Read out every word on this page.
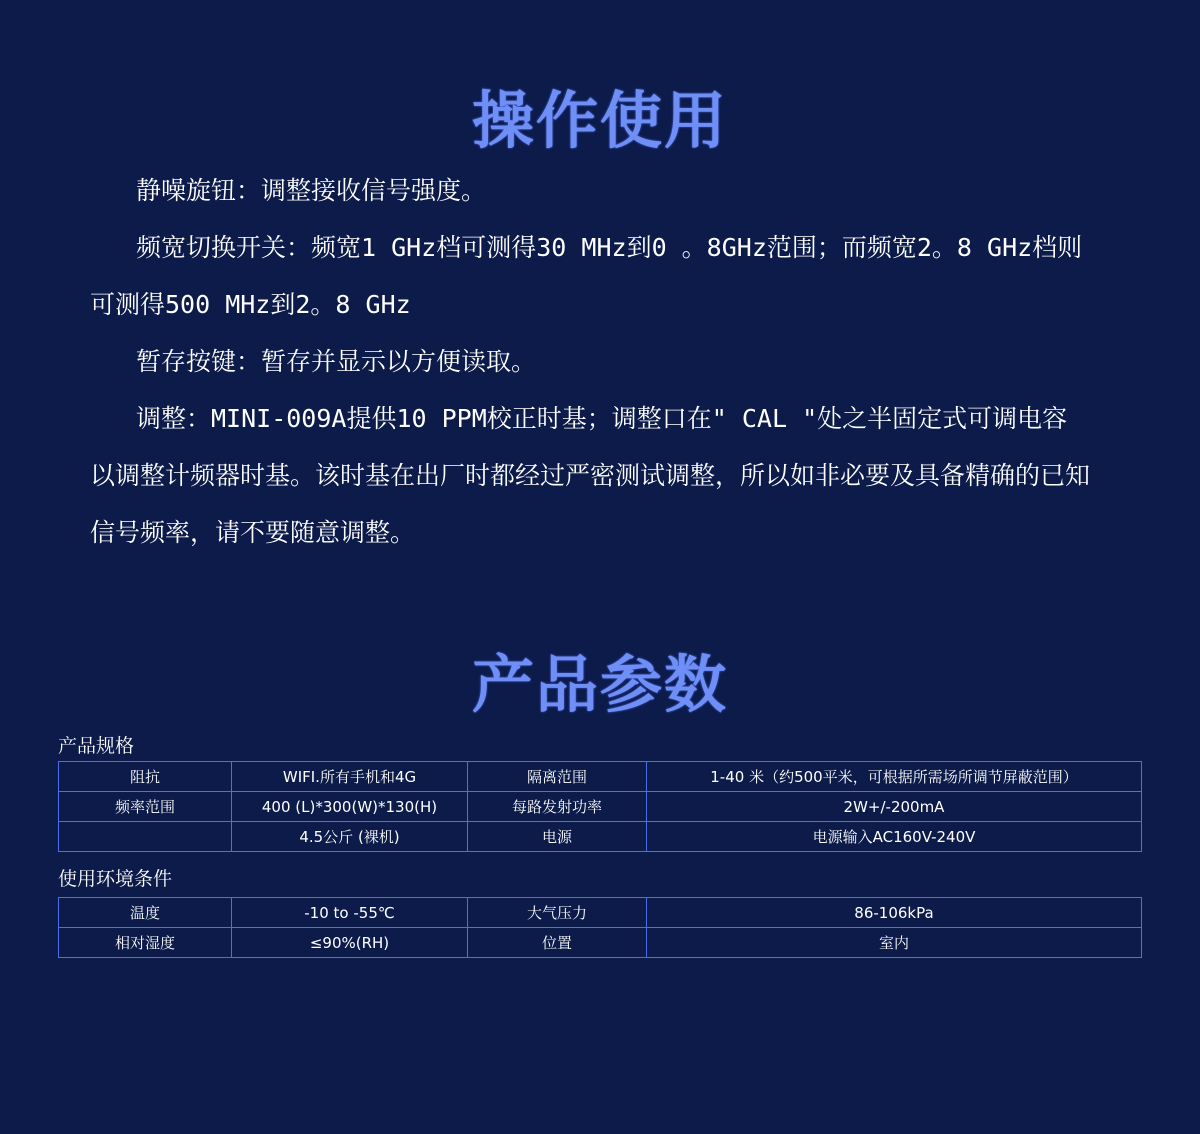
操作使用

静噪旋钮：调整接收信号强度。

频宽切换开关：频宽1 GHz档可测得30 MHz到0 。8GHz范围；而频宽2。8 GHz档则可测得500 MHz到2。8 GHz

暂存按键：暂存并显示以方便读取。

调整：MINI-009A提供10 PPM校正时基；调整口在" CAL "处之半固定式可调电容以调整计频器时基。该时基在出厂时都经过严密测试调整，所以如非必要及具备精确的已知信号频率，请不要随意调整。

产品参数
产品规格
阻抗	WIFI.所有手机和4G	隔离范围	1-40 米（约500平米，可根据所需场所调节屏蔽范围）
频率范围	400 (L)*300(W)*130(H)	每路发射功率	2W+/-200mA
	4.5公斤 (裸机)	电源	电源输入AC160V-240V
使用环境条件
温度	-10 to -55℃	大气压力	86-106kPa
相对湿度	≤90%(RH)	位置	室内
